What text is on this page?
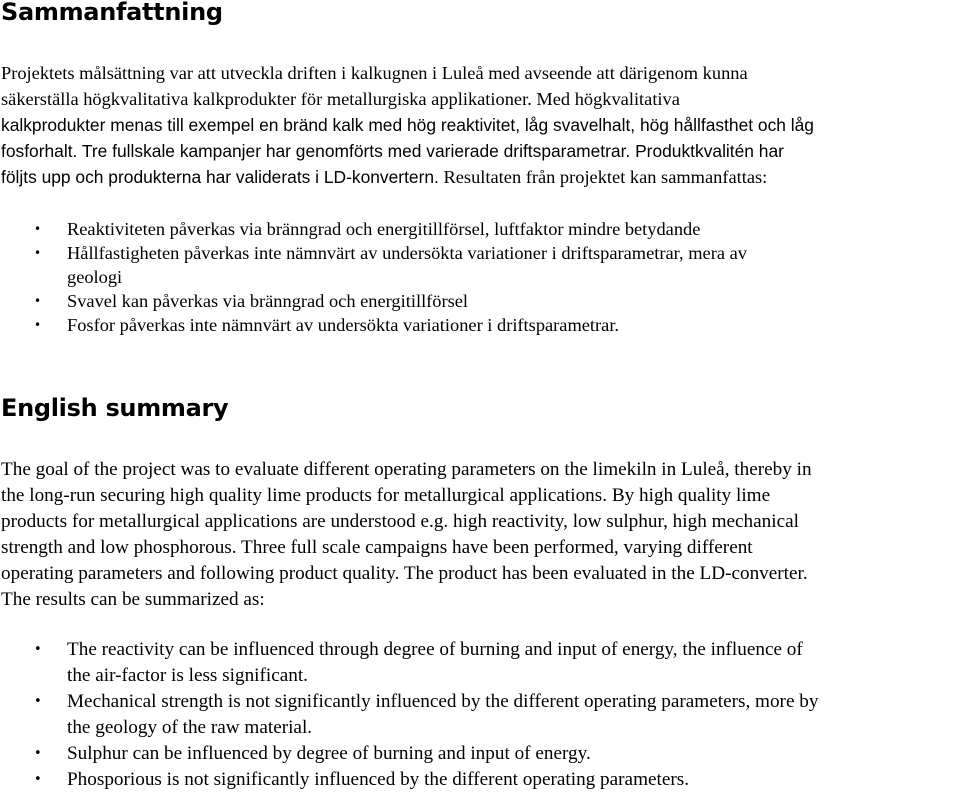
Sammanfattning

Projektets målsättning var att utveckla driften i kalkugnen i Luleå med avseende att därigenom kunna
säkerställa högkvalitativa kalkprodukter för metallurgiska applikationer. Med högkvalitativa
kalkprodukter menas till exempel en bränd kalk med hög reaktivitet, låg svavelhalt, hög hållfasthet och låg
fosforhalt. Tre fullskale kampanjer har genomförts med varierade driftsparametrar. Produktkvalitén har
följts upp och produkterna har validerats i LD-konvertern. Resultaten från projektet kan sammanfattas:

• Reaktiviteten påverkas via bränngrad och energitillförsel, luftfaktor mindre betydande
• Hållfastigheten påverkas inte nämnvärt av undersökta variationer i driftsparametrar, mera av
geologi
• Svavel kan påverkas via bränngrad och energitillförsel
• Fosfor påverkas inte nämnvärt av undersökta variationer i driftsparametrar.
English summary

The goal of the project was to evaluate different operating parameters on the limekiln in Luleå, thereby in
the long-run securing high quality lime products for metallurgical applications. By high quality lime
products for metallurgical applications are understood e.g. high reactivity, low sulphur, high mechanical
strength and low phosphorous. Three full scale campaigns have been performed, varying different
operating parameters and following product quality. The product has been evaluated in the LD-converter.
The results can be summarized as:

• The reactivity can be influenced through degree of burning and input of energy, the influence of
the air-factor is less significant.
• Mechanical strength is not significantly influenced by the different operating parameters, more by
the geology of the raw material.
• Sulphur can be influenced by degree of burning and input of energy.
• Phosporious is not significantly influenced by the different operating parameters.
